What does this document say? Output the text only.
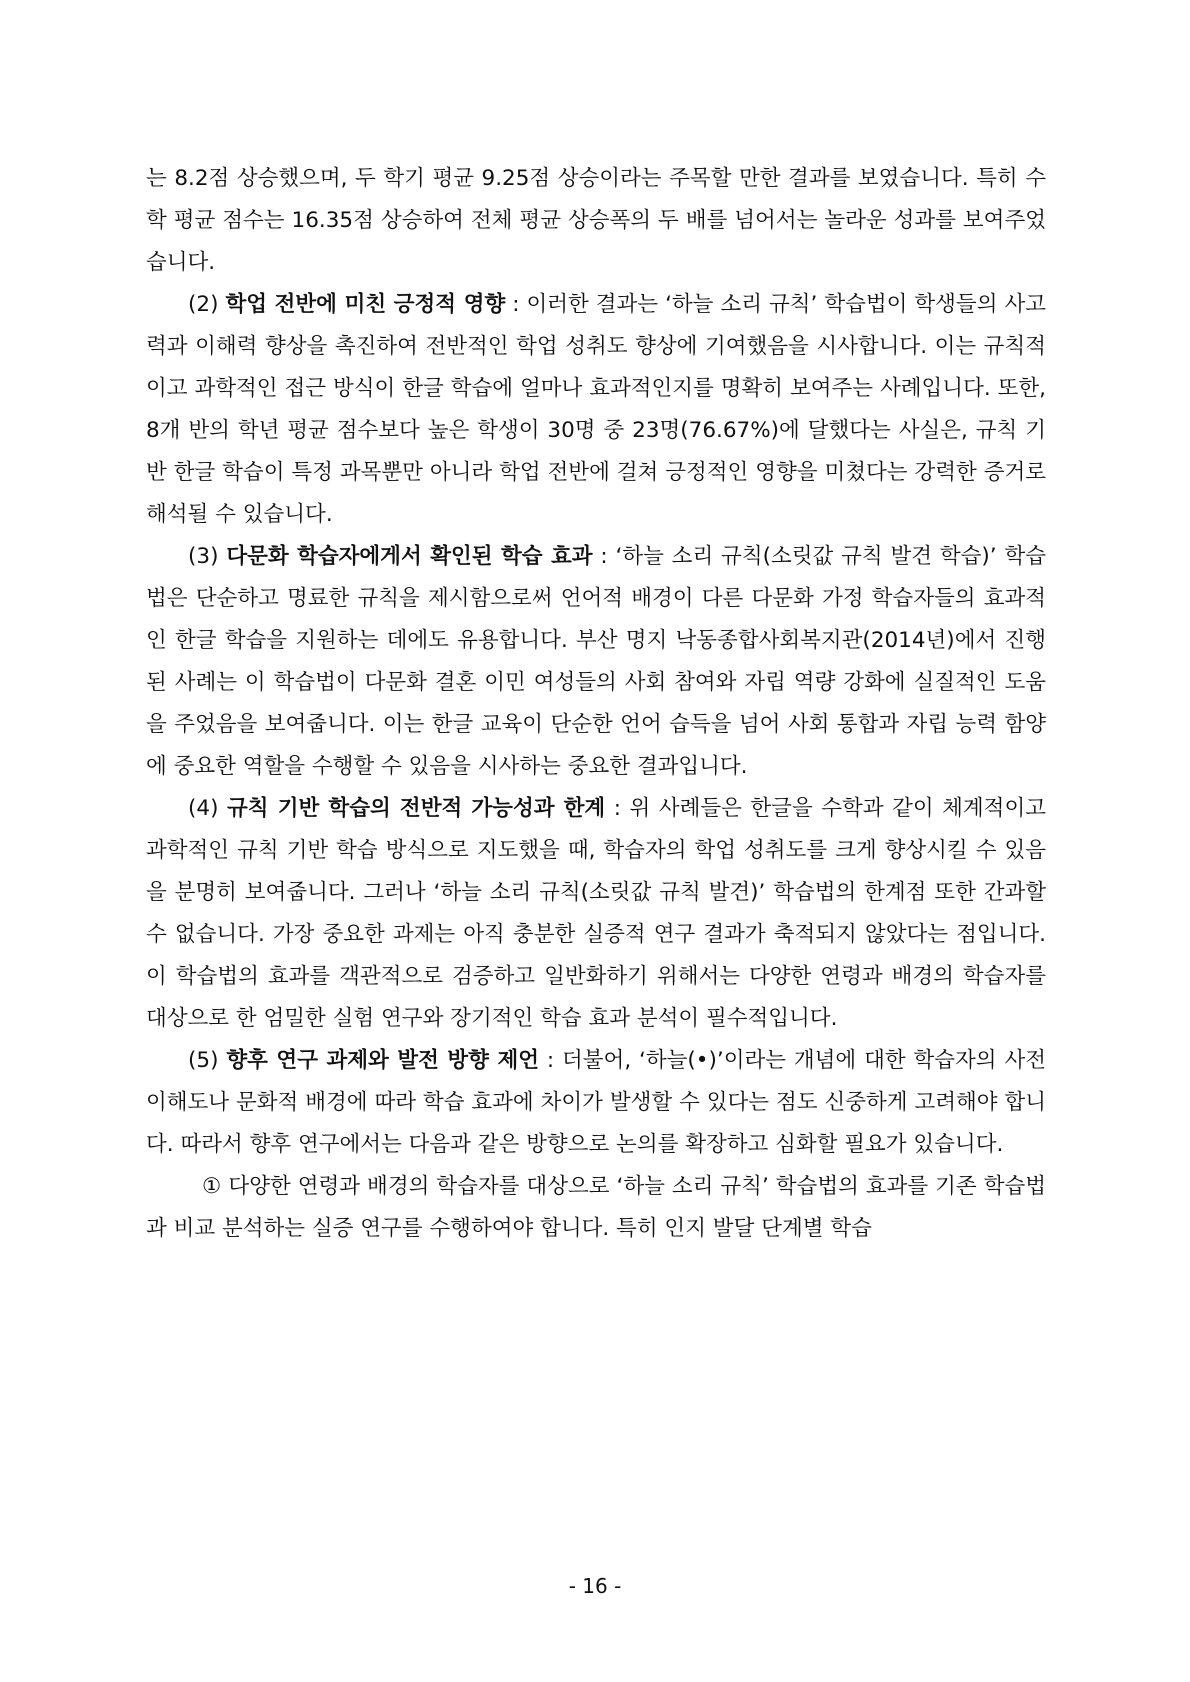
는 8.2점 상승했으며, 두 학기 평균 9.25점 상승이라는 주목할 만한 결과를 보였습니다. 특히 수학 평균 점수는 16.35점 상승하여 전체 평균 상승폭의 두 배를 넘어서는 놀라운 성과를 보여주었습니다.

(2) 학업 전반에 미친 긍정적 영향 : 이러한 결과는 ‘하늘 소리 규칙’ 학습법이 학생들의 사고력과 이해력 향상을 촉진하여 전반적인 학업 성취도 향상에 기여했음을 시사합니다. 이는 규칙적이고 과학적인 접근 방식이 한글 학습에 얼마나 효과적인지를 명확히 보여주는 사례입니다. 또한, 8개 반의 학년 평균 점수보다 높은 학생이 30명 중 23명(76.67%)에 달했다는 사실은, 규칙 기반 한글 학습이 특정 과목뿐만 아니라 학업 전반에 걸쳐 긍정적인 영향을 미쳤다는 강력한 증거로 해석될 수 있습니다.

(3) 다문화 학습자에게서 확인된 학습 효과 : ‘하늘 소리 규칙(소릿값 규칙 발견 학습)’ 학습법은 단순하고 명료한 규칙을 제시함으로써 언어적 배경이 다른 다문화 가정 학습자들의 효과적인 한글 학습을 지원하는 데에도 유용합니다. 부산 명지 낙동종합사회복지관(2014년)에서 진행된 사례는 이 학습법이 다문화 결혼 이민 여성들의 사회 참여와 자립 역량 강화에 실질적인 도움을 주었음을 보여줍니다. 이는 한글 교육이 단순한 언어 습득을 넘어 사회 통합과 자립 능력 함양에 중요한 역할을 수행할 수 있음을 시사하는 중요한 결과입니다.

(4) 규칙 기반 학습의 전반적 가능성과 한계 : 위 사례들은 한글을 수학과 같이 체계적이고 과학적인 규칙 기반 학습 방식으로 지도했을 때, 학습자의 학업 성취도를 크게 향상시킬 수 있음을 분명히 보여줍니다. 그러나 ‘하늘 소리 규칙(소릿값 규칙 발견)’ 학습법의 한계점 또한 간과할 수 없습니다. 가장 중요한 과제는 아직 충분한 실증적 연구 결과가 축적되지 않았다는 점입니다. 이 학습법의 효과를 객관적으로 검증하고 일반화하기 위해서는 다양한 연령과 배경의 학습자를 대상으로 한 엄밀한 실험 연구와 장기적인 학습 효과 분석이 필수적입니다.

(5) 향후 연구 과제와 발전 방향 제언 : 더불어, ‘하늘(•)’이라는 개념에 대한 학습자의 사전 이해도나 문화적 배경에 따라 학습 효과에 차이가 발생할 수 있다는 점도 신중하게 고려해야 합니다. 따라서 향후 연구에서는 다음과 같은 방향으로 논의를 확장하고 심화할 필요가 있습니다.

① 다양한 연령과 배경의 학습자를 대상으로 ‘하늘 소리 규칙’ 학습법의 효과를 기존 학습법과 비교 분석하는 실증 연구를 수행하여야 합니다. 특히 인지 발달 단계별 학습

- 16 -
